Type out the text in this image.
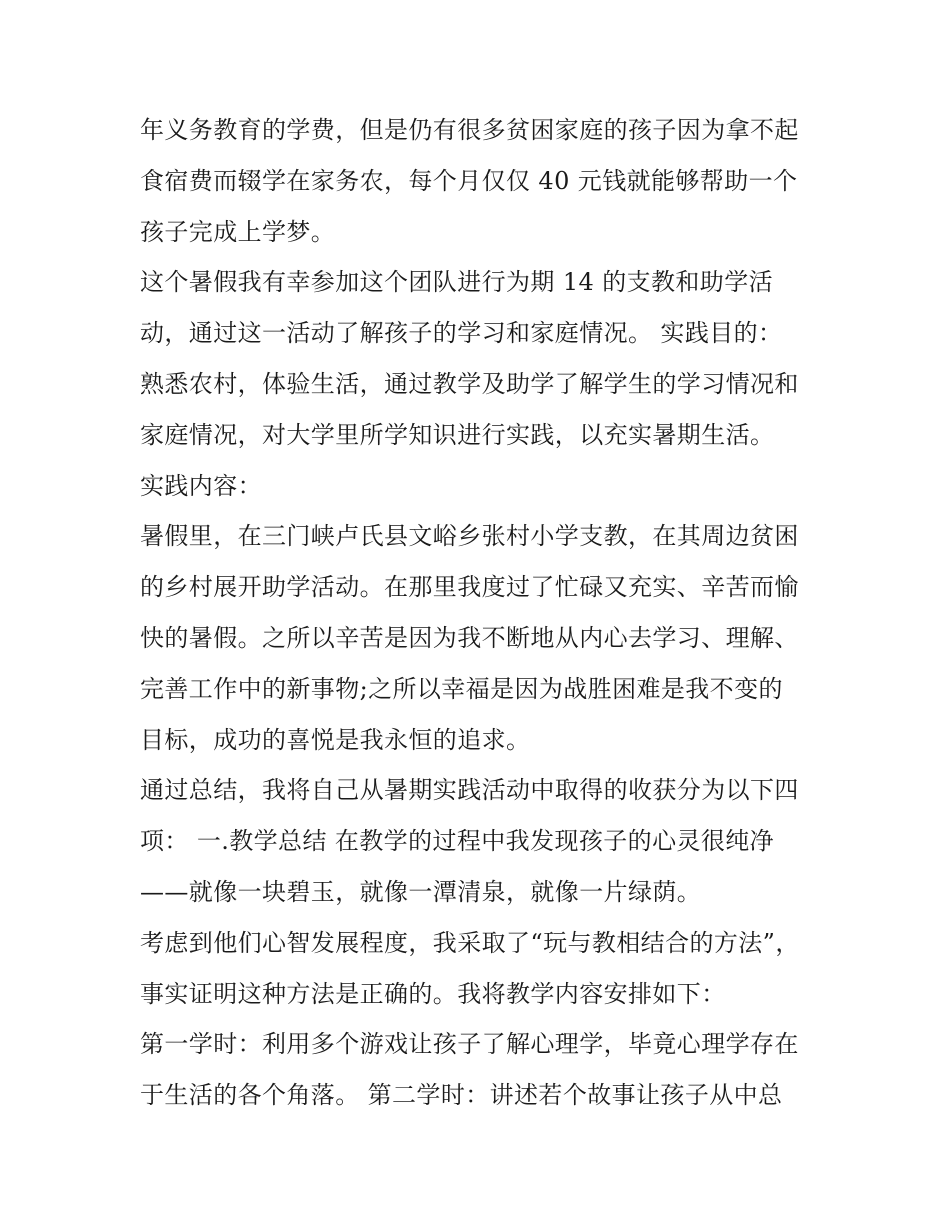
年义务教育的学费，但是仍有很多贫困家庭的孩子因为拿不起
食宿费而辍学在家务农，每个月仅仅 40 元钱就能够帮助一个
孩子完成上学梦。
这个暑假我有幸参加这个团队进行为期 14 的支教和助学活
动，通过这一活动了解孩子的学习和家庭情况。 实践目的：
熟悉农村，体验生活，通过教学及助学了解学生的学习情况和
家庭情况，对大学里所学知识进行实践，以充实暑期生活。
实践内容：
暑假里，在三门峡卢氏县文峪乡张村小学支教，在其周边贫困
的乡村展开助学活动。在那里我度过了忙碌又充实、辛苦而愉
快的暑假。之所以辛苦是因为我不断地从内心去学习、理解、
完善工作中的新事物;之所以幸福是因为战胜困难是我不变的
目标，成功的喜悦是我永恒的追求。
通过总结，我将自己从暑期实践活动中取得的收获分为以下四
项： 一.教学总结 在教学的过程中我发现孩子的心灵很纯净
——就像一块碧玉，就像一潭清泉，就像一片绿荫。
考虑到他们心智发展程度，我采取了“玩与教相结合的方法”，
事实证明这种方法是正确的。我将教学内容安排如下：
第一学时：利用多个游戏让孩子了解心理学，毕竟心理学存在
于生活的各个角落。 第二学时：讲述若个故事让孩子从中总
